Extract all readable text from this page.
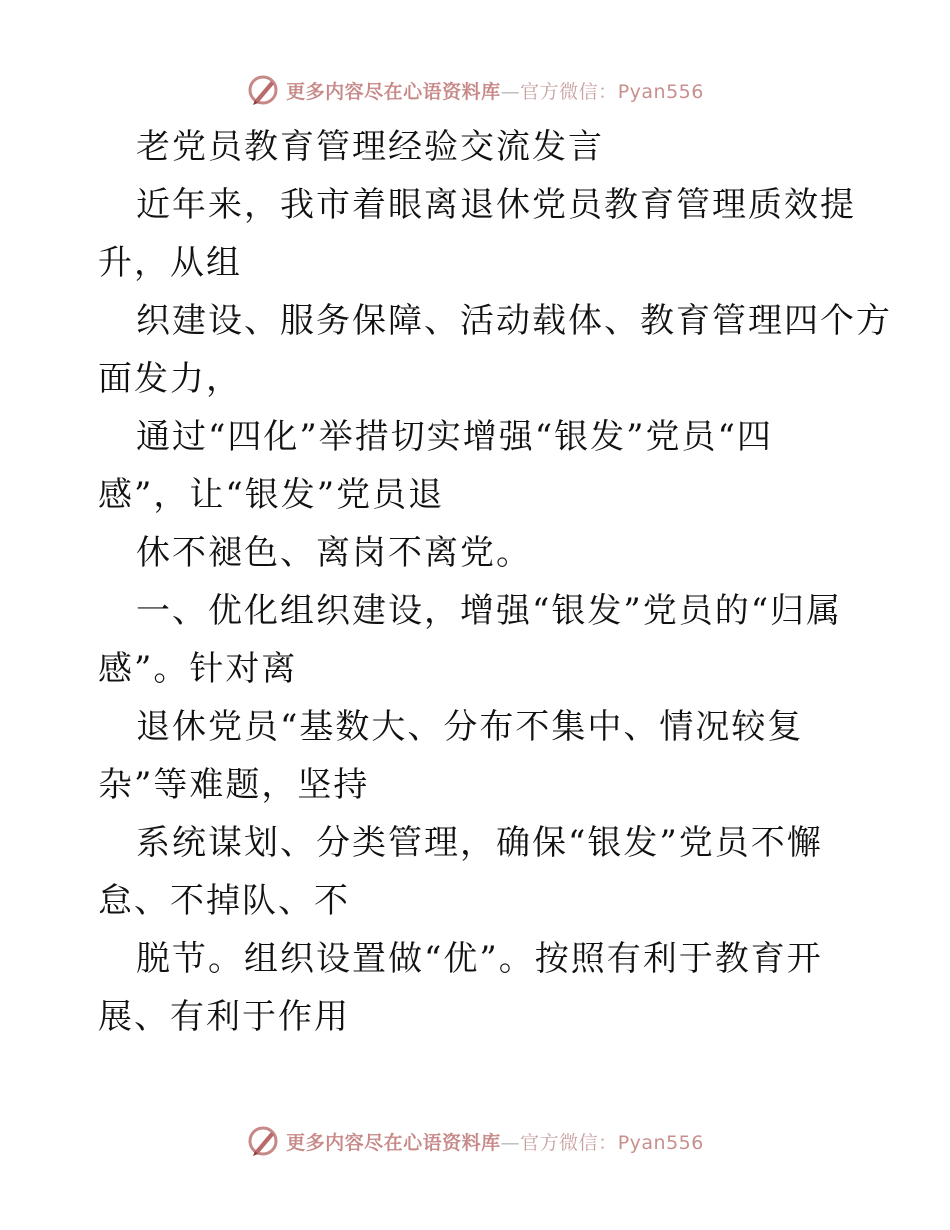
更多内容尽在心语资料库—官方微信：Pyan556
老党员教育管理经验交流发言
近年来，我市着眼离退休党员教育管理质效提
升，从组
织建设、服务保障、活动载体、教育管理四个方
面发力，
通过“四化”举措切实增强“银发”党员“四
感”，让“银发”党员退
休不褪色、离岗不离党。
一、优化组织建设，增强“银发”党员的“归属
感”。针对离
退休党员“基数大、分布不集中、情况较复
杂”等难题，坚持
系统谋划、分类管理，确保“银发”党员不懈
怠、不掉队、不
脱节。组织设置做“优”。按照有利于教育开
展、有利于作用
更多内容尽在心语资料库—官方微信：Pyan556
